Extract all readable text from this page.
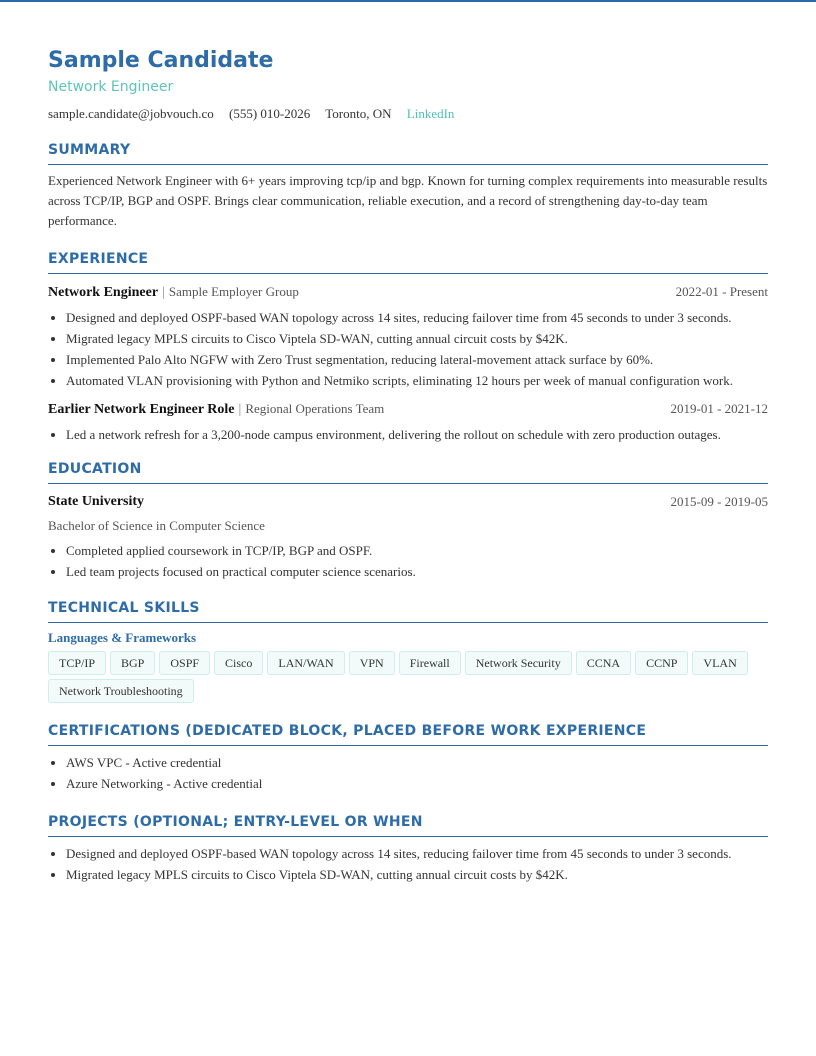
Sample Candidate
Network Engineer
sample.candidate@jobvouch.co (555) 010-2026 Toronto, ON LinkedIn
SUMMARY
Experienced Network Engineer with 6+ years improving tcp/ip and bgp. Known for turning complex requirements into measurable results across TCP/IP, BGP and OSPF. Brings clear communication, reliable execution, and a record of strengthening day-to-day team performance.
EXPERIENCE
Network Engineer | Sample Employer Group	2022-01 - Present
• Designed and deployed OSPF-based WAN topology across 14 sites, reducing failover time from 45 seconds to under 3 seconds.
• Migrated legacy MPLS circuits to Cisco Viptela SD-WAN, cutting annual circuit costs by $42K.
• Implemented Palo Alto NGFW with Zero Trust segmentation, reducing lateral-movement attack surface by 60%.
• Automated VLAN provisioning with Python and Netmiko scripts, eliminating 12 hours per week of manual configuration work.
Earlier Network Engineer Role | Regional Operations Team	2019-01 - 2021-12
• Led a network refresh for a 3,200-node campus environment, delivering the rollout on schedule with zero production outages.
EDUCATION
State University	2015-09 - 2019-05
Bachelor of Science in Computer Science
• Completed applied coursework in TCP/IP, BGP and OSPF.
• Led team projects focused on practical computer science scenarios.
TECHNICAL SKILLS
Languages & Frameworks
TCP/IP	BGP	OSPF	Cisco	LAN/WAN	VPN	Firewall	Network Security	CCNA	CCNP	VLAN
Network Troubleshooting
CERTIFICATIONS (DEDICATED BLOCK, PLACED BEFORE WORK EXPERIENCE
• AWS VPC - Active credential
• Azure Networking - Active credential
PROJECTS (OPTIONAL; ENTRY-LEVEL OR WHEN
• Designed and deployed OSPF-based WAN topology across 14 sites, reducing failover time from 45 seconds to under 3 seconds.
• Migrated legacy MPLS circuits to Cisco Viptela SD-WAN, cutting annual circuit costs by $42K.
